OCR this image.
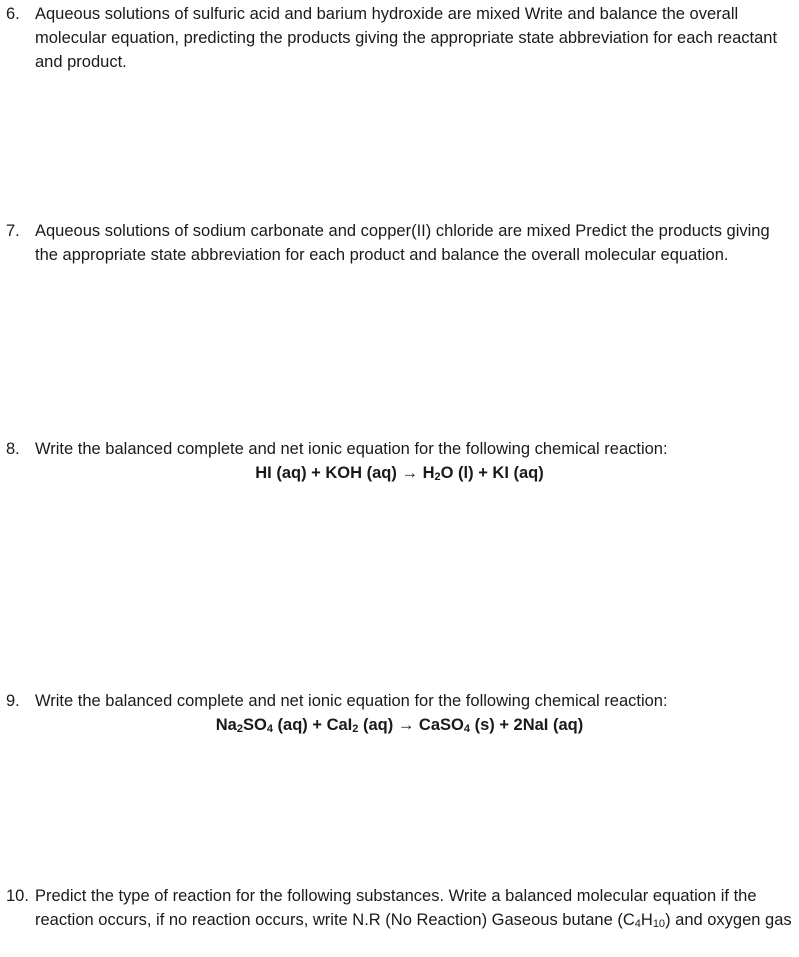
6. Aqueous solutions of sulfuric acid and barium hydroxide are mixed Write and balance the overall molecular equation, predicting the products giving the appropriate state abbreviation for each reactant and product.
7. Aqueous solutions of sodium carbonate and copper(II) chloride are mixed Predict the products giving the appropriate state abbreviation for each product and balance the overall molecular equation.
8. Write the balanced complete and net ionic equation for the following chemical reaction:
HI (aq) + KOH $(aq) \to H_2O$ (l) + KI (aq)
9. Write the balanced complete and net ionic equation for the following chemical reaction:
$Na_2SO_4$ (aq) + CaI$_2$ (aq) → CaSO$_4$ (s) + 2NaI (aq)
10. Predict the type of reaction for the following substances. Write a balanced molecular equation if the reaction occurs, if no reaction occurs, write N.R (No Reaction) Gaseous butane $(C_4H_{10})$ and oxygen gas
